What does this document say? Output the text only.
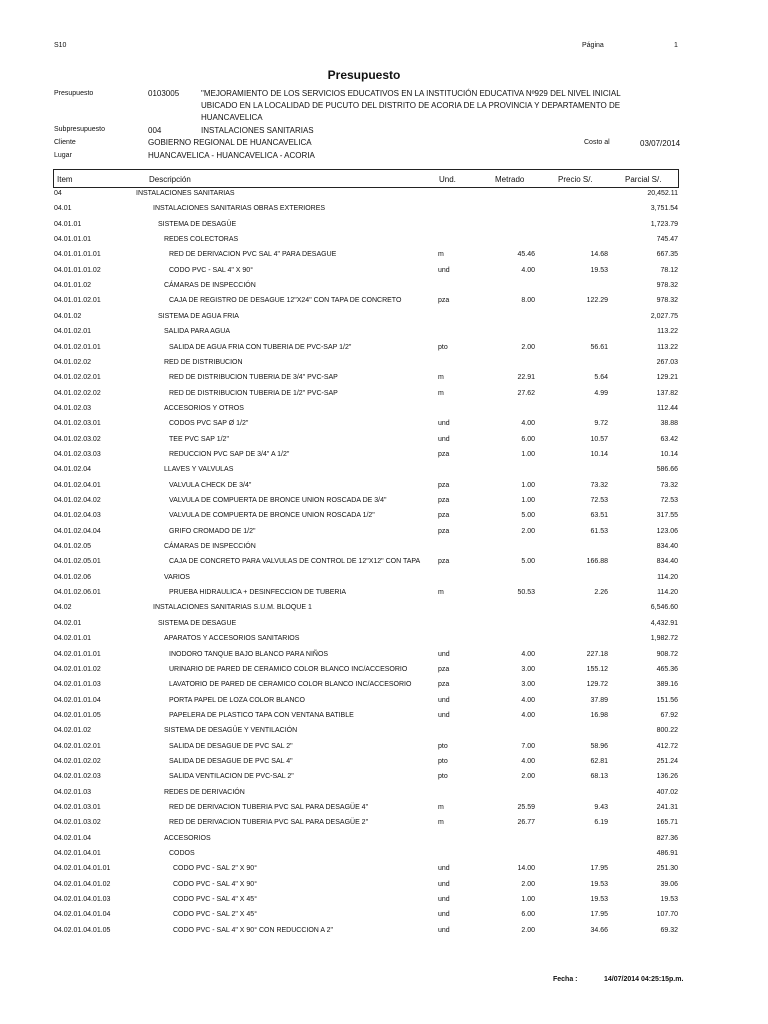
S10	Página	1
Presupuesto
Presupuesto	0103005	"MEJORAMIENTO DE LOS SERVICIOS EDUCATIVOS EN LA INSTITUCIÓN EDUCATIVA Nº929 DEL NIVEL INICIAL
UBICADO EN LA LOCALIDAD DE PUCUTO DEL DISTRITO DE ACORIA DE LA PROVINCIA Y DEPARTAMENTO DE
HUANCAVELICA
Subpresupuesto	004	INSTALACIONES SANITARIAS
Cliente	GOBIERNO REGIONAL DE HUANCAVELICA	Costo al	03/07/2014
Lugar	HUANCAVELICA - HUANCAVELICA - ACORIA
Item	Descripción	Und.	Metrado	Precio S/.	Parcial S/.
04	INSTALACIONES SANITARIAS	20,452.11
04.01	INSTALACIONES SANITARIAS OBRAS EXTERIORES	3,751.54
04.01.01	SISTEMA DE DESAGÜE	1,723.79
04.01.01.01	REDES COLECTORAS	745.47
04.01.01.01.01	RED DE DERIVACION PVC SAL 4" PARA DESAGUE	m	45.46	14.68	667.35
04.01.01.01.02	CODO PVC - SAL 4" X 90°	und	4.00	19.53	78.12
04.01.01.02	CÁMARAS DE INSPECCIÓN	978.32
04.01.01.02.01	CAJA DE REGISTRO DE DESAGUE 12"X24" CON TAPA DE CONCRETO	pza	8.00	122.29	978.32
04.01.02	SISTEMA DE AGUA FRIA	2,027.75
04.01.02.01	SALIDA PARA AGUA	113.22
04.01.02.01.01	SALIDA DE AGUA FRIA CON TUBERIA DE PVC-SAP 1/2"	pto	2.00	56.61	113.22
04.01.02.02	RED DE DISTRIBUCION	267.03
04.01.02.02.01	RED DE DISTRIBUCION TUBERIA DE 3/4" PVC-SAP	m	22.91	5.64	129.21
04.01.02.02.02	RED DE DISTRIBUCION TUBERIA DE 1/2" PVC-SAP	m	27.62	4.99	137.82
04.01.02.03	ACCESORIOS Y OTROS	112.44
04.01.02.03.01	CODOS PVC SAP Ø 1/2"	und	4.00	9.72	38.88
04.01.02.03.02	TEE PVC SAP 1/2"	und	6.00	10.57	63.42
04.01.02.03.03	REDUCCION PVC SAP DE 3/4" A 1/2"	pza	1.00	10.14	10.14
04.01.02.04	LLAVES Y VALVULAS	586.66
04.01.02.04.01	VALVULA CHECK DE 3/4"	pza	1.00	73.32	73.32
04.01.02.04.02	VALVULA DE COMPUERTA DE BRONCE UNION ROSCADA DE 3/4"	pza	1.00	72.53	72.53
04.01.02.04.03	VALVULA DE COMPUERTA DE BRONCE UNION ROSCADA 1/2"	pza	5.00	63.51	317.55
04.01.02.04.04	GRIFO CROMADO DE 1/2"	pza	2.00	61.53	123.06
04.01.02.05	CÁMARAS DE INSPECCIÓN	834.40
04.01.02.05.01	CAJA DE CONCRETO PARA VALVULAS DE CONTROL DE 12"X12" CON TAPA	pza	5.00	166.88	834.40
04.01.02.06	VARIOS	114.20
04.01.02.06.01	PRUEBA HIDRAULICA + DESINFECCION DE TUBERIA	m	50.53	2.26	114.20
04.02	INSTALACIONES SANITARIAS S.U.M. BLOQUE 1	6,546.60
04.02.01	SISTEMA DE DESAGUE	4,432.91
04.02.01.01	APARATOS Y ACCESORIOS SANITARIOS	1,982.72
04.02.01.01.01	INODORO TANQUE BAJO BLANCO PARA NIÑOS	und	4.00	227.18	908.72
04.02.01.01.02	URINARIO DE PARED DE CERAMICO COLOR BLANCO INC/ACCESORIO	pza	3.00	155.12	465.36
04.02.01.01.03	LAVATORIO DE PARED DE CERAMICO COLOR BLANCO INC/ACCESORIO	pza	3.00	129.72	389.16
04.02.01.01.04	PORTA PAPEL DE LOZA COLOR BLANCO	und	4.00	37.89	151.56
04.02.01.01.05	PAPELERA DE PLASTICO TAPA CON VENTANA BATIBLE	und	4.00	16.98	67.92
04.02.01.02	SISTEMA DE DESAGÜE Y VENTILACIÓN	800.22
04.02.01.02.01	SALIDA DE DESAGUE DE PVC SAL 2"	pto	7.00	58.96	412.72
04.02.01.02.02	SALIDA DE DESAGUE DE PVC SAL 4"	pto	4.00	62.81	251.24
04.02.01.02.03	SALIDA VENTILACION DE PVC-SAL 2"	pto	2.00	68.13	136.26
04.02.01.03	REDES DE DERIVACIÓN	407.02
04.02.01.03.01	RED DE DERIVACION TUBERIA PVC SAL PARA DESAGÜE 4"	m	25.59	9.43	241.31
04.02.01.03.02	RED DE DERIVACION TUBERIA PVC SAL PARA DESAGÜE 2"	m	26.77	6.19	165.71
04.02.01.04	ACCESORIOS	827.36
04.02.01.04.01	CODOS	486.91
04.02.01.04.01.01	CODO PVC - SAL 2" X 90°	und	14.00	17.95	251.30
04.02.01.04.01.02	CODO PVC - SAL 4" X 90°	und	2.00	19.53	39.06
04.02.01.04.01.03	CODO PVC - SAL 4" X 45°	und	1.00	19.53	19.53
04.02.01.04.01.04	CODO PVC - SAL 2" X 45°	und	6.00	17.95	107.70
04.02.01.04.01.05	CODO PVC - SAL 4" X 90° CON REDUCCION A 2"	und	2.00	34.66	69.32
Fecha :	14/07/2014 04:25:15p.m.
